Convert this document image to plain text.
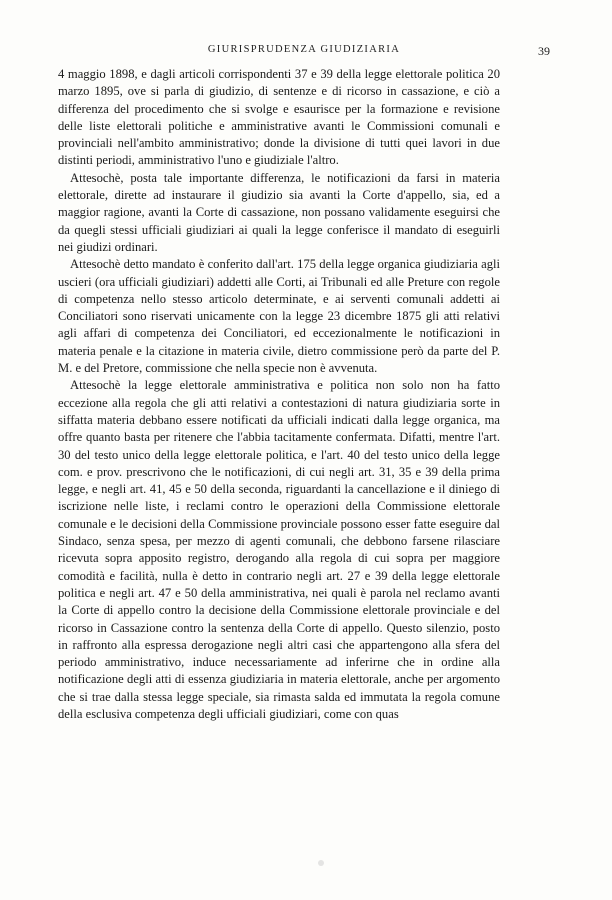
GIURISPRUDENZA GIUDIZIARIA	39

4 maggio 1898, e dagli articoli corrispondenti 37 e 39 della legge elettorale politica 20 marzo 1895, ove si parla di giudizio, di sentenze e di ricorso in cassazione, e ciò a differenza del procedimento che si svolge e esaurisce per la formazione e revisione delle liste elettorali politiche e amministrative avanti le Commissioni comunali e provinciali nell'ambito amministrativo; donde la divisione di tutti quei lavori in due distinti periodi, amministrativo l'uno e giudiziale l'altro.

Attesochè, posta tale importante differenza, le notificazioni da farsi in materia elettorale, dirette ad instaurare il giudizio sia avanti la Corte d'appello, sia, ed a maggior ragione, avanti la Corte di cassazione, non possano validamente eseguirsi che da quegli stessi ufficiali giudiziari ai quali la legge conferisce il mandato di eseguirli nei giudizi ordinari.

Attesochè detto mandato è conferito dall'art. 175 della legge organica giudiziaria agli uscieri (ora ufficiali giudiziari) addetti alle Corti, ai Tribunali ed alle Preture con regole di competenza nello stesso articolo determinate, e ai serventi comunali addetti ai Conciliatori sono riservati unicamente con la legge 23 dicembre 1875 gli atti relativi agli affari di competenza dei Conciliatori, ed eccezionalmente le notificazioni in materia penale e la citazione in materia civile, dietro commissione però da parte del P. M. e del Pretore, commissione che nella specie non è avvenuta.

Attesochè la legge elettorale amministrativa e politica non solo non ha fatto eccezione alla regola che gli atti relativi a contestazioni di natura giudiziaria sorte in siffatta materia debbano essere notificati da ufficiali indicati dalla legge organica, ma offre quanto basta per ritenere che l'abbia tacitamente confermata. Difatti, mentre l'art. 30 del testo unico della legge elettorale politica, e l'art. 40 del testo unico della legge com. e prov. prescrivono che le notificazioni, di cui negli art. 31, 35 e 39 della prima legge, e negli art. 41, 45 e 50 della seconda, riguardanti la cancellazione e il diniego di iscrizione nelle liste, i reclami contro le operazioni della Commissione elettorale comunale e le decisioni della Commissione provinciale possono esser fatte eseguire dal Sindaco, senza spesa, per mezzo di agenti comunali, che debbono farsene rilasciare ricevuta sopra apposito registro, derogando alla regola di cui sopra per maggiore comodità e facilità, nulla è detto in contrario negli art. 27 e 39 della legge elettorale politica e negli art. 47 e 50 della amministrativa, nei quali è parola nel reclamo avanti la Corte di appello contro la decisione della Commissione elettorale provinciale e del ricorso in Cassazione contro la sentenza della Corte di appello. Questo silenzio, posto in raffronto alla espressa derogazione negli altri casi che appartengono alla sfera del periodo amministrativo, induce necessariamente ad inferirne che in ordine alla notificazione degli atti di essenza giudiziaria in materia elettorale, anche per argomento che si trae dalla stessa legge speciale, sia rimasta salda ed immutata la regola comune della esclusiva competenza degli ufficiali giudiziari, come con quas
